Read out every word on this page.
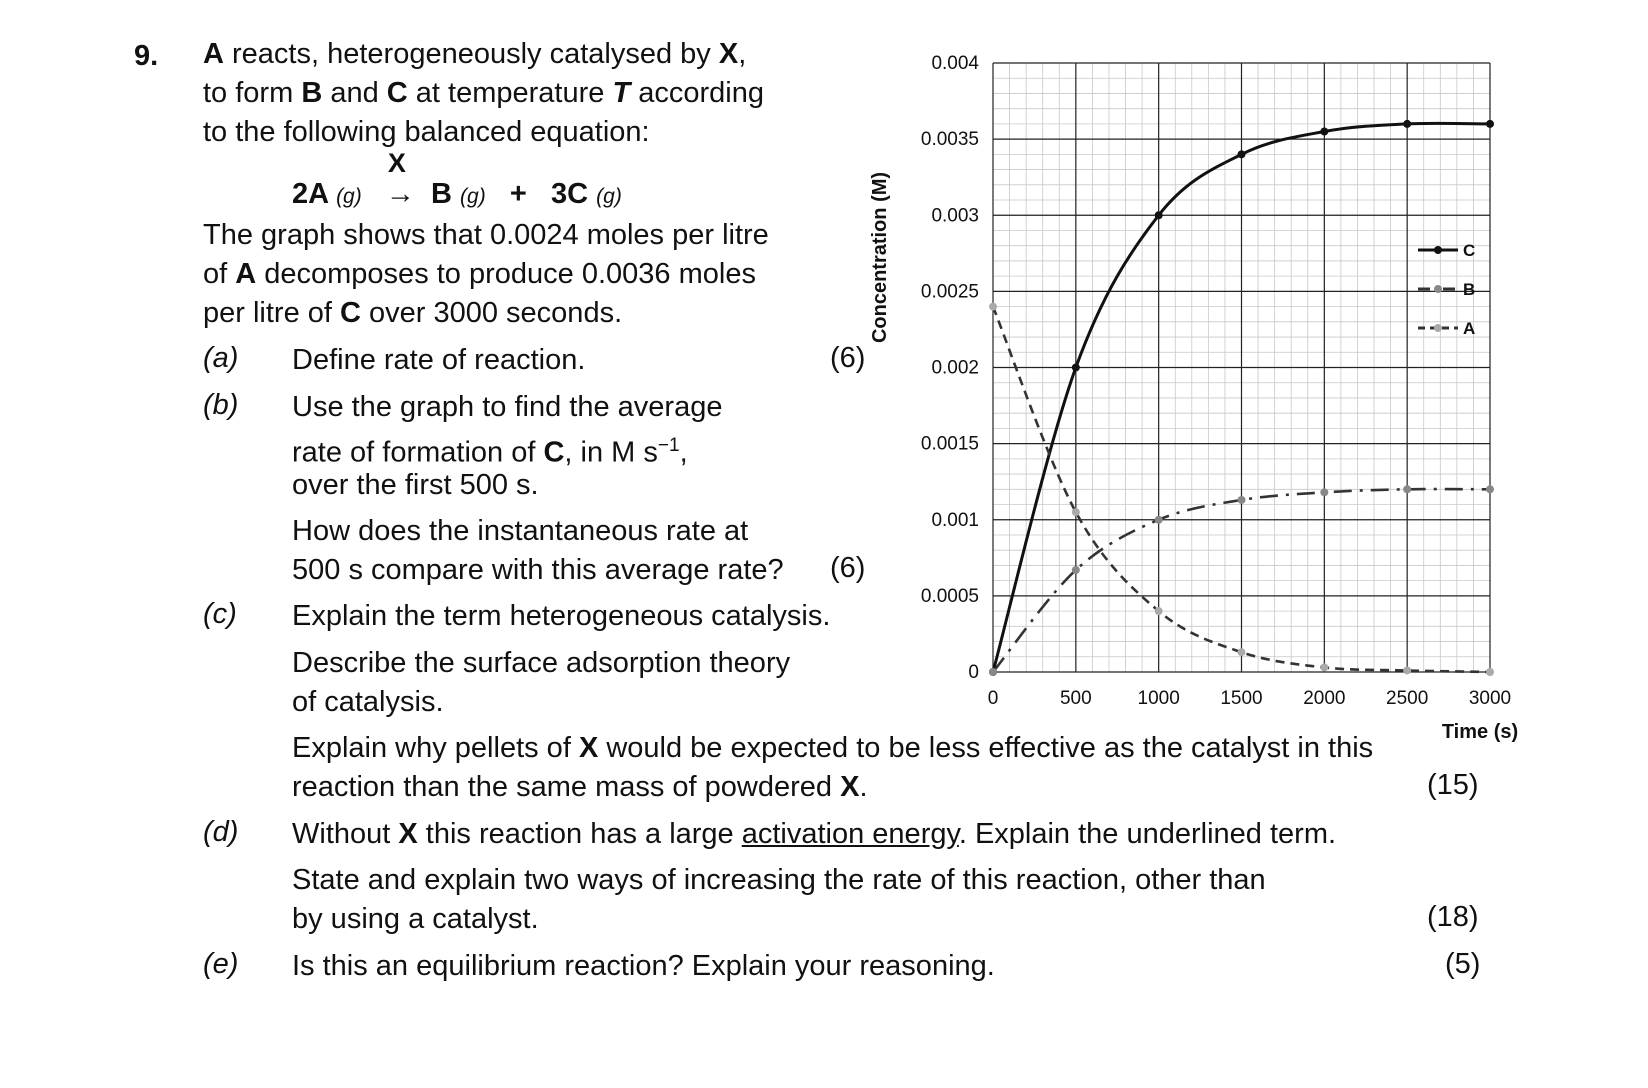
9. A reacts, heterogeneously catalysed by X,
to form B and C at temperature T according
to the following balanced equation:
2A (g)
X
→ B (g) + 3C (g)
The graph shows that 0.0024 moles per litre
of A decomposes to produce 0.0036 moles
per litre of C over 3000 seconds.
(a) Define rate of reaction.	(6)
(b) Use the graph to find the average
rate of formation of C, in M $s^{-1}$,
over the first 500 s.
How does the instantaneous rate at
500 s compare with this average rate? (6)
(c) Explain the term heterogeneous catalysis.
Describe the surface adsorption theory
of catalysis.
Explain why pellets of X would be expected to be less effective as the catalyst in this
reaction than the same mass of powdered X.	(15)
(d) Without X this reaction has a large activation energy. Explain the underlined term.
State and explain two ways of increasing the rate of this reaction, other than
by using a catalyst.	(18)
(e) Is this an equilibrium reaction? Explain your reasoning.	(5)
0	500 1000 1500 2000 2500 3000
0
0.0005
0.001
0.0015
0.002
0.0025
0.003
0.0035
0.004
C
B
A
Time (s)
Concentration (M)
